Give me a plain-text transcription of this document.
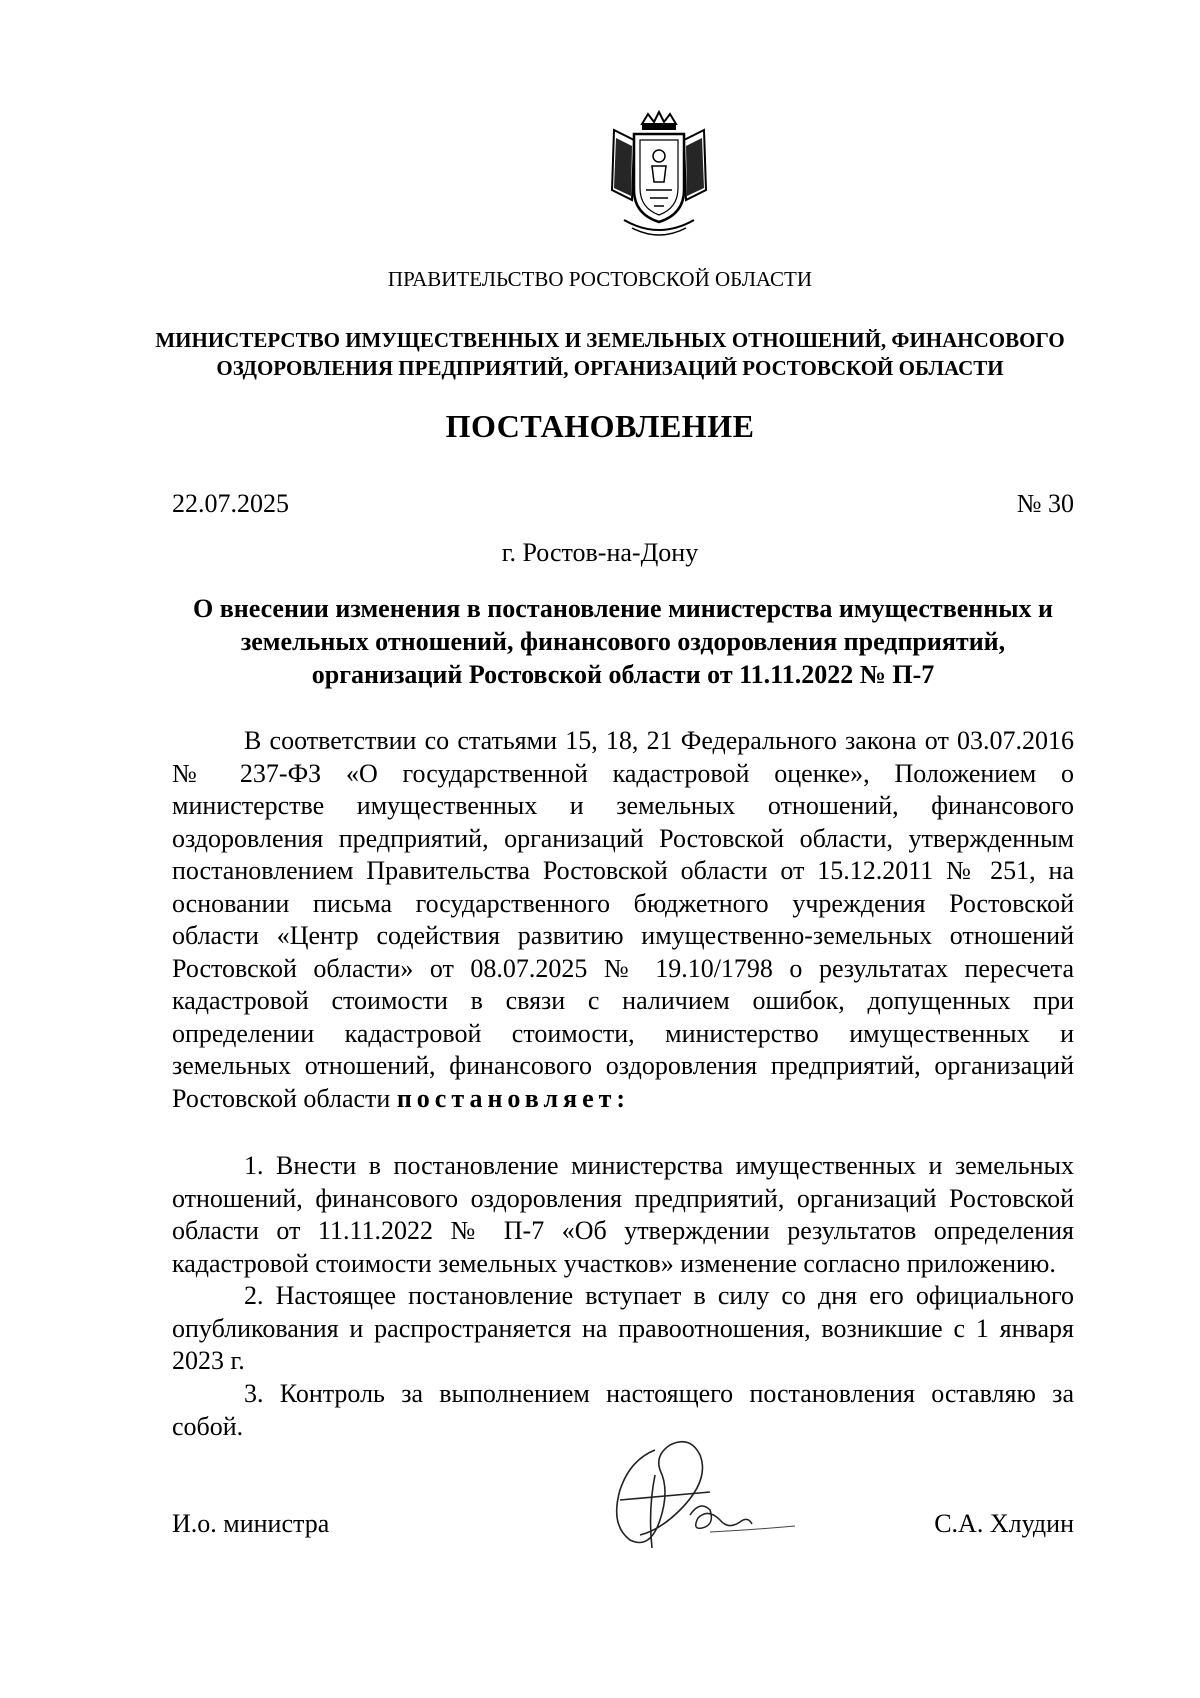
ПРАВИТЕЛЬСТВО РОСТОВСКОЙ ОБЛАСТИ
МИНИСТЕРСТВО ИМУЩЕСТВЕННЫХ И ЗЕМЕЛЬНЫХ ОТНОШЕНИЙ, ФИНАНСОВОГО
ОЗДОРОВЛЕНИЯ ПРЕДПРИЯТИЙ, ОРГАНИЗАЦИЙ РОСТОВСКОЙ ОБЛАСТИ
ПОСТАНОВЛЕНИЕ
22.07.2025	№ 30
г. Ростов-на-Дону
О внесении изменения в постановление министерства имущественных и
земельных отношений, финансового оздоровления предприятий,
организаций Ростовской области от 11.11.2022 № П-7
В соответствии со статьями 15, 18, 21 Федерального закона от 03.07.2016 № 237-ФЗ «О государственной кадастровой оценке», Положением о министерстве имущественных и земельных отношений, финансового оздоровления предприятий, организаций Ростовской области, утвержденным постановлением Правительства Ростовской области от 15.12.2011 № 251, на основании письма государственного бюджетного учреждения Ростовской области «Центр содействия развитию имущественно-земельных отношений Ростовской области» от 08.07.2025 № 19.10/1798 о результатах пересчета кадастровой стоимости в связи с наличием ошибок, допущенных при определении кадастровой стоимости, министерство имущественных и земельных отношений, финансового оздоровления предприятий, организаций Ростовской области постановляет:
1. Внести в постановление министерства имущественных и земельных отношений, финансового оздоровления предприятий, организаций Ростовской области от 11.11.2022 № П-7 «Об утверждении результатов определения кадастровой стоимости земельных участков» изменение согласно приложению.
2. Настоящее постановление вступает в силу со дня его официального опубликования и распространяется на правоотношения, возникшие с 1 января 2023 г.
3. Контроль за выполнением настоящего постановления оставляю за собой.
И.о. министра	С.А. Хлудин
